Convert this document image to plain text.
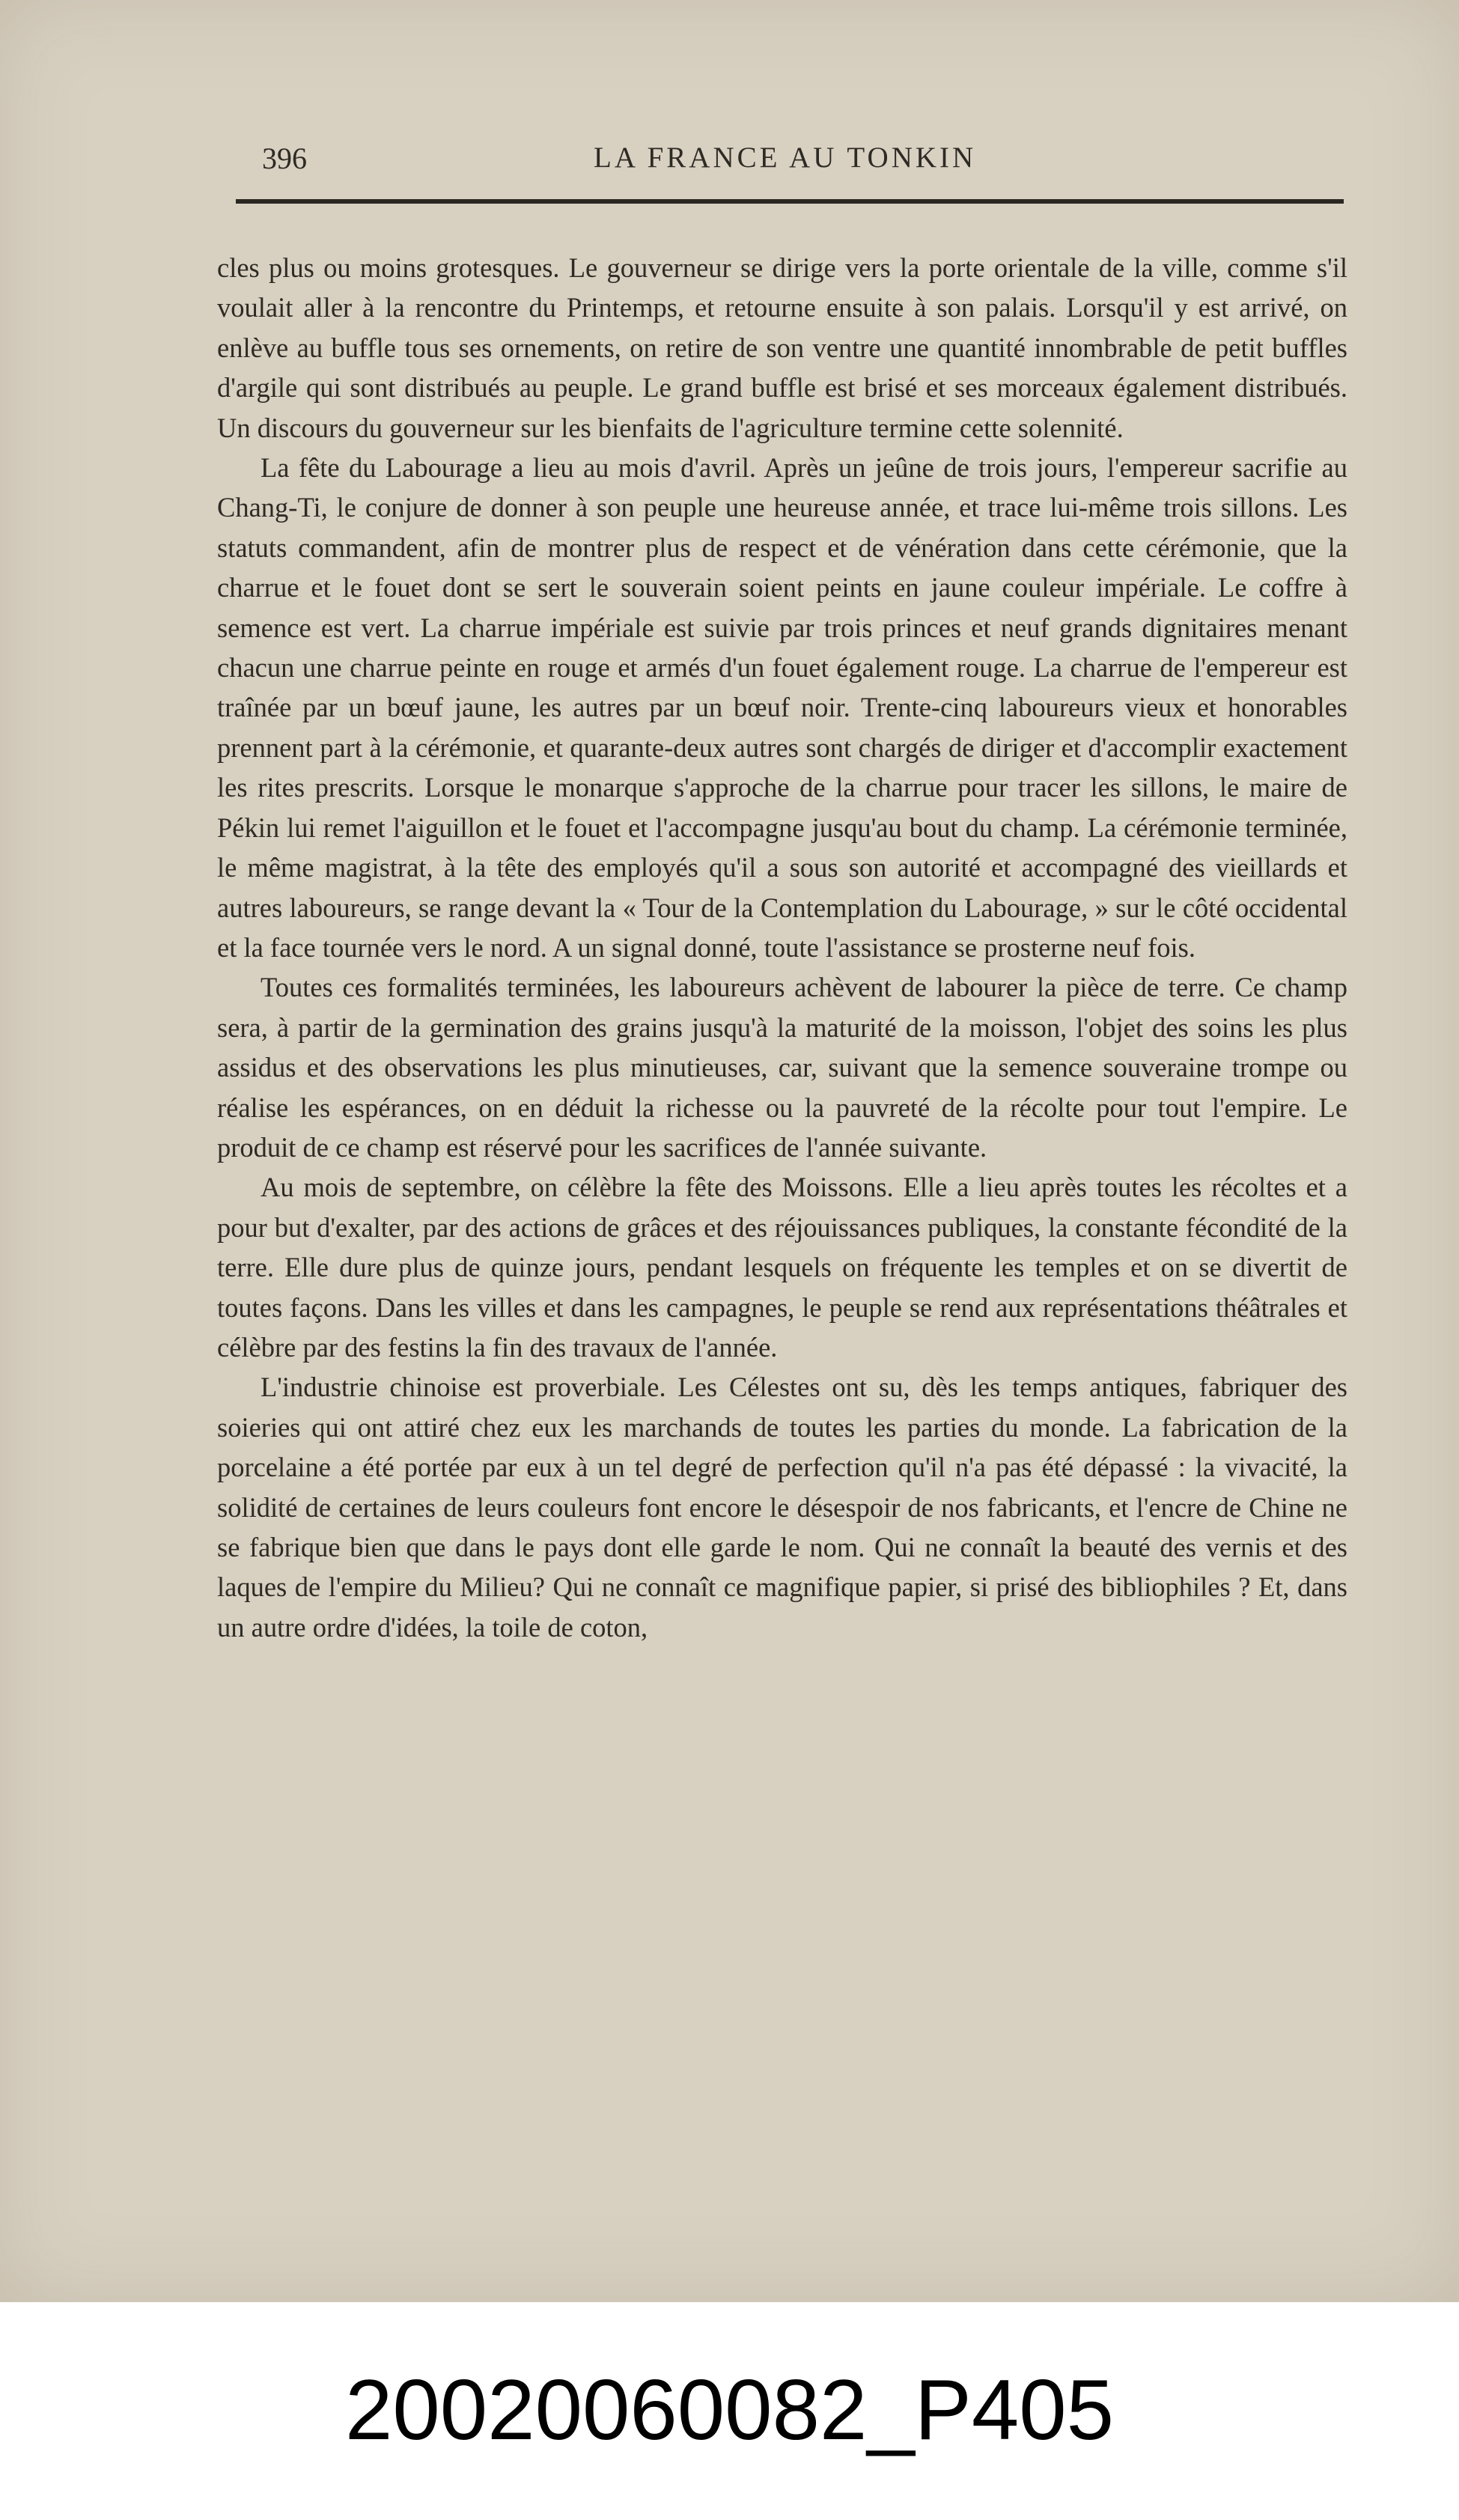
396	LA FRANCE AU TONKIN

cles plus ou moins grotesques. Le gouverneur se dirige vers la porte orientale de la ville, comme s'il voulait aller à la rencontre du Printemps, et retourne ensuite à son palais. Lorsqu'il y est arrivé, on enlève au buffle tous ses ornements, on retire de son ventre une quantité innombrable de petit buffles d'argile qui sont distribués au peuple. Le grand buffle est brisé et ses morceaux également distribués. Un discours du gouverneur sur les bienfaits de l'agriculture termine cette solennité.

La fête du Labourage a lieu au mois d'avril. Après un jeûne de trois jours, l'empereur sacrifie au Chang-Ti, le conjure de donner à son peuple une heureuse année, et trace lui-même trois sillons. Les statuts commandent, afin de montrer plus de respect et de vénération dans cette cérémonie, que la charrue et le fouet dont se sert le souverain soient peints en jaune couleur impériale. Le coffre à semence est vert. La charrue impériale est suivie par trois princes et neuf grands dignitaires menant chacun une charrue peinte en rouge et armés d'un fouet également rouge. La charrue de l'empereur est traînée par un bœuf jaune, les autres par un bœuf noir. Trente-cinq laboureurs vieux et honorables prennent part à la cérémonie, et quarante-deux autres sont chargés de diriger et d'accomplir exactement les rites prescrits. Lorsque le monarque s'approche de la charrue pour tracer les sillons, le maire de Pékin lui remet l'aiguillon et le fouet et l'accompagne jusqu'au bout du champ. La cérémonie terminée, le même magistrat, à la tête des employés qu'il a sous son autorité et accompagné des vieillards et autres laboureurs, se range devant la « Tour de la Contemplation du Labourage, » sur le côté occidental et la face tournée vers le nord. A un signal donné, toute l'assistance se prosterne neuf fois.

Toutes ces formalités terminées, les laboureurs achèvent de labourer la pièce de terre. Ce champ sera, à partir de la germination des grains jusqu'à la maturité de la moisson, l'objet des soins les plus assidus et des observations les plus minutieuses, car, suivant que la semence souveraine trompe ou réalise les espérances, on en déduit la richesse ou la pauvreté de la récolte pour tout l'empire. Le produit de ce champ est réservé pour les sacrifices de l'année suivante.

Au mois de septembre, on célèbre la fête des Moissons. Elle a lieu après toutes les récoltes et a pour but d'exalter, par des actions de grâces et des réjouissances publiques, la constante fécondité de la terre. Elle dure plus de quinze jours, pendant lesquels on fréquente les temples et on se divertit de toutes façons. Dans les villes et dans les campagnes, le peuple se rend aux représentations théâtrales et célèbre par des festins la fin des travaux de l'année.

L'industrie chinoise est proverbiale. Les Célestes ont su, dès les temps antiques, fabriquer des soieries qui ont attiré chez eux les marchands de toutes les parties du monde. La fabrication de la porcelaine a été portée par eux à un tel degré de perfection qu'il n'a pas été dépassé : la vivacité, la solidité de certaines de leurs couleurs font encore le désespoir de nos fabricants, et l'encre de Chine ne se fabrique bien que dans le pays dont elle garde le nom. Qui ne connaît la beauté des vernis et des laques de l'empire du Milieu? Qui ne connaît ce magnifique papier, si prisé des bibliophiles ? Et, dans un autre ordre d'idées, la toile de coton,

20020060082_P405
